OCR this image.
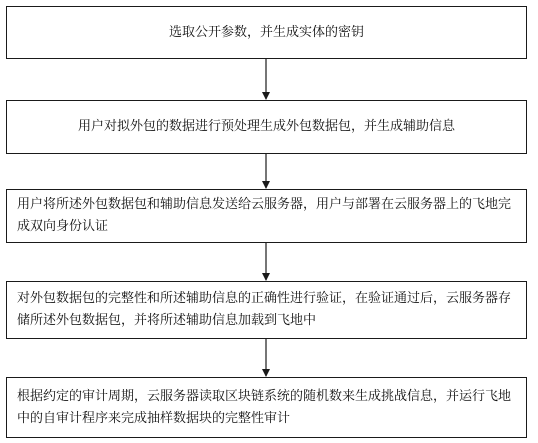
选取公开参数，并生成实体的密钥
用户对拟外包的数据进行预处理生成外包数据包，并生成辅助信息
用户将所述外包数据包和辅助信息发送给云服务器，用户与部署在云服务器上的飞地完成双向身份认证
对外包数据包的完整性和所述辅助信息的正确性进行验证，在验证通过后，云服务器存储所述外包数据包，并将所述辅助信息加载到飞地中
根据约定的审计周期，云服务器读取区块链系统的随机数来生成挑战信息，并运行飞地中的自审计程序来完成抽样数据块的完整性审计
